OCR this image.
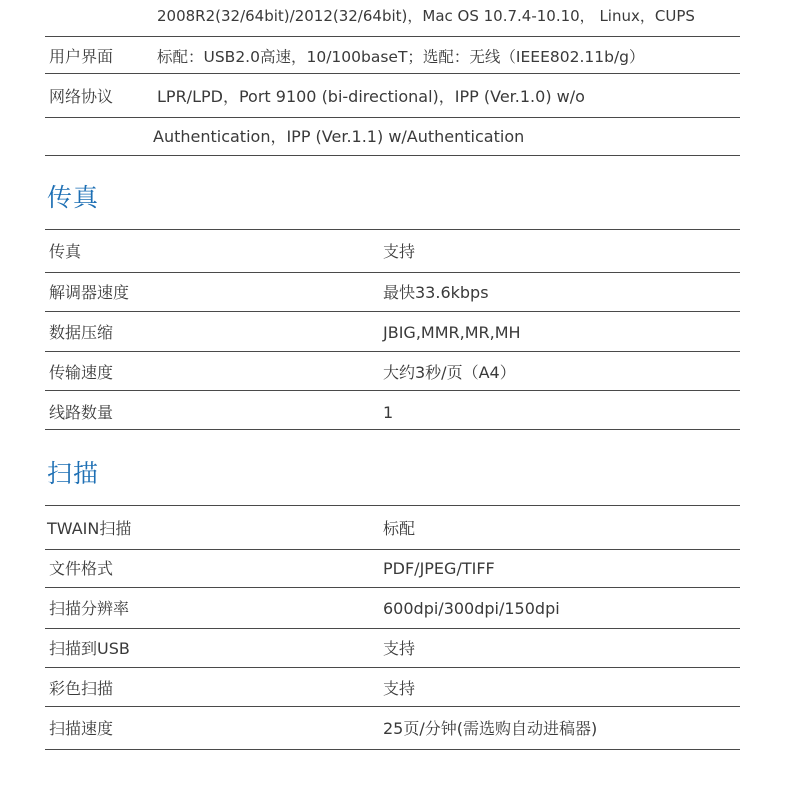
2008R2(32/64bit)/2012(32/64bit)，Mac OS 10.7.4-10.10， Linux，CUPS
用户界面	标配：USB2.0高速，10/100baseT；选配：无线（IEEE802.11b/g）
网络协议	LPR/LPD，Port 9100 (bi-directional)，IPP (Ver.1.0) w/o
Authentication，IPP (Ver.1.1) w/Authentication
传真
传真	支持
解调器速度	最快33.6kbps
数据压缩	JBIG,MMR,MR,MH
传输速度	大约3秒/页（A4）
线路数量	1
扫描
TWAIN扫描	标配
文件格式	PDF/JPEG/TIFF
扫描分辨率	600dpi/300dpi/150dpi
扫描到USB	支持
彩色扫描	支持
扫描速度	25页/分钟(需选购自动进稿器)
